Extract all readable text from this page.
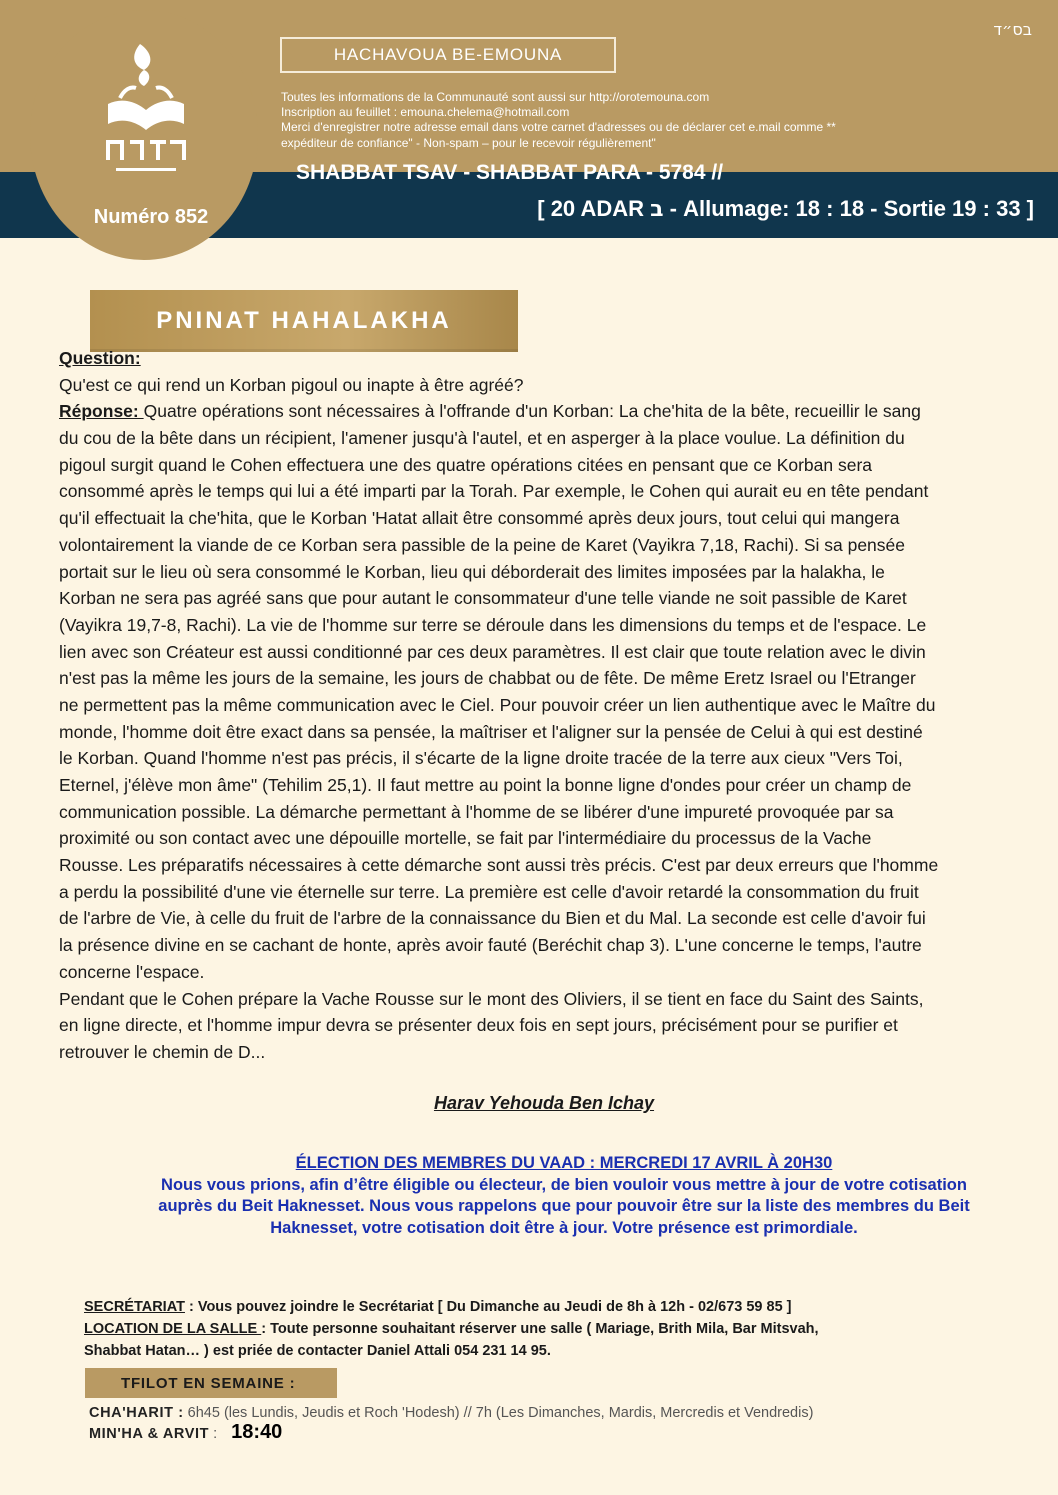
בס״ד
HACHAVOUA BE-EMOUNA
Toutes les informations de la Communauté sont aussi sur http://orotemouna.com
Inscription au feuillet : emouna.chelema@hotmail.com
Merci d'enregistrer notre adresse email dans votre carnet d'adresses ou de déclarer cet e.mail comme **
expéditeur de confiance" - Non-spam – pour le recevoir régulièrement"
Numéro 852
SHABBAT TSAV - SHABBAT PARA - 5784 //
[ 20 ADAR ב - Allumage: 18 : 18 - Sortie 19 : 33 ]
PNINAT HAHALAKHA
Question:
Qu'est ce qui rend un Korban pigoul ou inapte à être agréé?
Réponse: Quatre opérations sont nécessaires à l'offrande d'un Korban: La che'hita de la bête, recueillir le sang
du cou de la bête dans un récipient, l'amener jusqu'à l'autel, et en asperger à la place voulue. La définition du
pigoul surgit quand le Cohen effectuera une des quatre opérations citées en pensant que ce Korban sera
consommé après le temps qui lui a été imparti par la Torah. Par exemple, le Cohen qui aurait eu en tête pendant
qu'il effectuait la che'hita, que le Korban 'Hatat allait être consommé après deux jours, tout celui qui mangera
volontairement la viande de ce Korban sera passible de la peine de Karet (Vayikra 7,18, Rachi). Si sa pensée
portait sur le lieu où sera consommé le Korban, lieu qui déborderait des limites imposées par la halakha, le
Korban ne sera pas agréé sans que pour autant le consommateur d'une telle viande ne soit passible de Karet
(Vayikra 19,7-8, Rachi). La vie de l'homme sur terre se déroule dans les dimensions du temps et de l'espace. Le
lien avec son Créateur est aussi conditionné par ces deux paramètres. Il est clair que toute relation avec le divin
n'est pas la même les jours de la semaine, les jours de chabbat ou de fête. De même Eretz Israel ou l'Etranger
ne permettent pas la même communication avec le Ciel. Pour pouvoir créer un lien authentique avec le Maître du
monde, l'homme doit être exact dans sa pensée, la maîtriser et l'aligner sur la pensée de Celui à qui est destiné
le Korban. Quand l'homme n'est pas précis, il s'écarte de la ligne droite tracée de la terre aux cieux "Vers Toi,
Eternel, j'élève mon âme" (Tehilim 25,1). Il faut mettre au point la bonne ligne d'ondes pour créer un champ de
communication possible. La démarche permettant à l'homme de se libérer d'une impureté provoquée par sa
proximité ou son contact avec une dépouille mortelle, se fait par l'intermédiaire du processus de la Vache
Rousse. Les préparatifs nécessaires à cette démarche sont aussi très précis. C'est par deux erreurs que l'homme
a perdu la possibilité d'une vie éternelle sur terre. La première est celle d'avoir retardé la consommation du fruit
de l'arbre de Vie, à celle du fruit de l'arbre de la connaissance du Bien et du Mal. La seconde est celle d'avoir fui
la présence divine en se cachant de honte, après avoir fauté (Beréchit chap 3). L'une concerne le temps, l'autre
concerne l'espace.
Pendant que le Cohen prépare la Vache Rousse sur le mont des Oliviers, il se tient en face du Saint des Saints,
en ligne directe, et l'homme impur devra se présenter deux fois en sept jours, précisément pour se purifier et
retrouver le chemin de D...
Harav Yehouda Ben Ichay
ÉLECTION DES MEMBRES DU VAAD : MERCREDI 17 AVRIL À 20H30
Nous vous prions, afin d’être éligible ou électeur, de bien vouloir vous mettre à jour de votre cotisation
auprès du Beit Haknesset. Nous vous rappelons que pour pouvoir être sur la liste des membres du Beit
Haknesset, votre cotisation doit être à jour. Votre présence est primordiale.
SECRÉTARIAT : Vous pouvez joindre le Secrétariat [ Du Dimanche au Jeudi de 8h à 12h - 02/673 59 85 ]
LOCATION DE LA SALLE : Toute personne souhaitant réserver une salle ( Mariage, Brith Mila, Bar Mitsvah,
Shabbat Hatan… ) est priée de contacter Daniel Attali 054 231 14 95.
TFILOT EN SEMAINE :
CHA'HARIT : 6h45 (les Lundis, Jeudis et Roch 'Hodesh) // 7h (Les Dimanches, Mardis, Mercredis et Vendredis)
MIN'HA & ARVIT : 18:40
